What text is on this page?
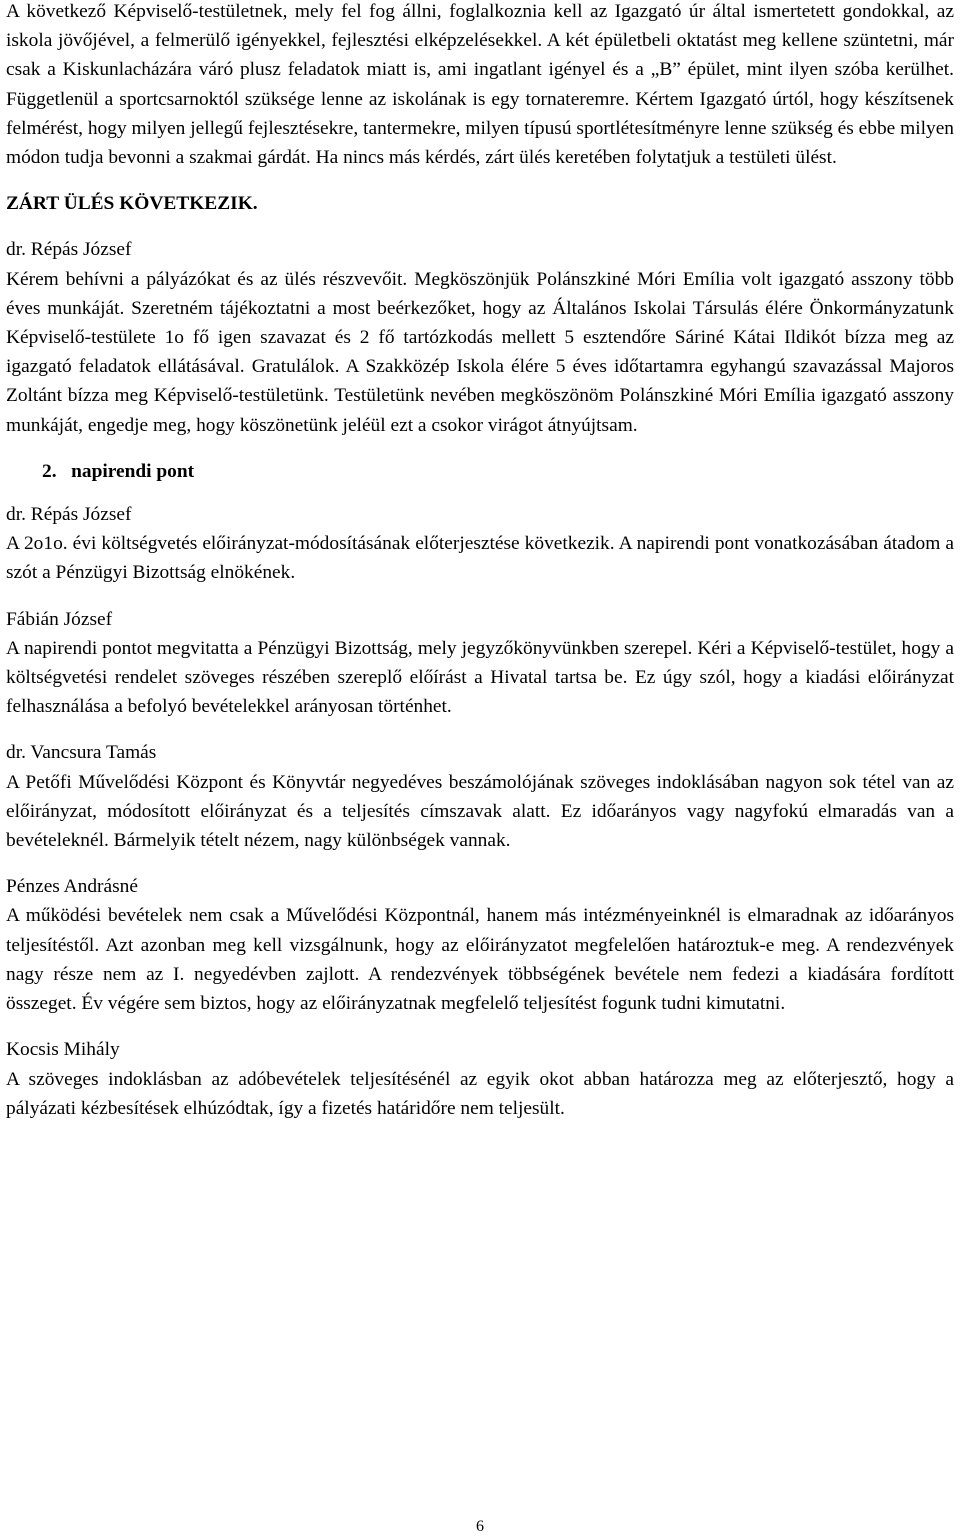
A következő Képviselő-testületnek, mely fel fog állni, foglalkoznia kell az Igazgató úr által ismertetett gondokkal, az iskola jövőjével, a felmerülő igényekkel, fejlesztési elképzelésekkel. A két épületbeli oktatást meg kellene szüntetni, már csak a Kiskunlacházára váró plusz feladatok miatt is, ami ingatlant igényel és a „B” épület, mint ilyen szóba kerülhet. Függetlenül a sportcsarnoktól szüksége lenne az iskolának is egy tornateremre. Kértem Igazgató úrtól, hogy készítsenek felmérést, hogy milyen jellegű fejlesztésekre, tantermekre, milyen típusú sportlétesítményre lenne szükség és ebbe milyen módon tudja bevonni a szakmai gárdát. Ha nincs más kérdés, zárt ülés keretében folytatjuk a testületi ülést.

ZÁRT ÜLÉS KÖVETKEZIK.

dr. Répás József

Kérem behívni a pályázókat és az ülés részvevőit. Megköszönjük Polánszkiné Móri Emília volt igazgató asszony több éves munkáját. Szeretném tájékoztatni a most beérkezőket, hogy az Általános Iskolai Társulás élére Önkormányzatunk Képviselő-testülete 1o fő igen szavazat és 2 fő tartózkodás mellett 5 esztendőre Sáriné Kátai Ildikót bízza meg az igazgató feladatok ellátásával. Gratulálok. A Szakközép Iskola élére 5 éves időtartamra egyhangú szavazással Majoros Zoltánt bízza meg Képviselő-testületünk. Testületünk nevében megköszönöm Polánszkiné Móri Emília igazgató asszony munkáját, engedje meg, hogy köszönetünk jeléül ezt a csokor virágot átnyújtsam.

2.   napirendi pont

dr. Répás József

A 2o1o. évi költségvetés előirányzat-módosításának előterjesztése következik. A napirendi pont vonatkozásában átadom a szót a Pénzügyi Bizottság elnökének.

Fábián József

A napirendi pontot megvitatta a Pénzügyi Bizottság, mely jegyzőkönyvünkben szerepel. Kéri a Képviselő-testület, hogy a költségvetési rendelet szöveges részében szereplő előírást a Hivatal tartsa be. Ez úgy szól, hogy a kiadási előirányzat felhasználása a befolyó bevételekkel arányosan történhet.

dr. Vancsura Tamás

A Petőfi Művelődési Központ és Könyvtár negyedéves beszámolójának szöveges indoklásában nagyon sok tétel van az előirányzat, módosított előirányzat és a teljesítés címszavak alatt. Ez időarányos vagy nagyfokú elmaradás van a bevételeknél. Bármelyik tételt nézem, nagy különbségek vannak.

Pénzes Andrásné

A működési bevételek nem csak a Művelődési Központnál, hanem más intézményeinknél is elmaradnak az időarányos teljesítéstől. Azt azonban meg kell vizsgálnunk, hogy az előirányzatot megfelelően határoztuk-e meg. A rendezvények nagy része nem az I. negyedévben zajlott. A rendezvények többségének bevétele nem fedezi a kiadására fordított összeget. Év végére sem biztos, hogy az előirányzatnak megfelelő teljesítést fogunk tudni kimutatni.

Kocsis Mihály

A szöveges indoklásban az adóbevételek teljesítésénél az egyik okot abban határozza meg az előterjesztő, hogy a pályázati kézbesítések elhúzódtak, így a fizetés határidőre nem teljesült.

6
